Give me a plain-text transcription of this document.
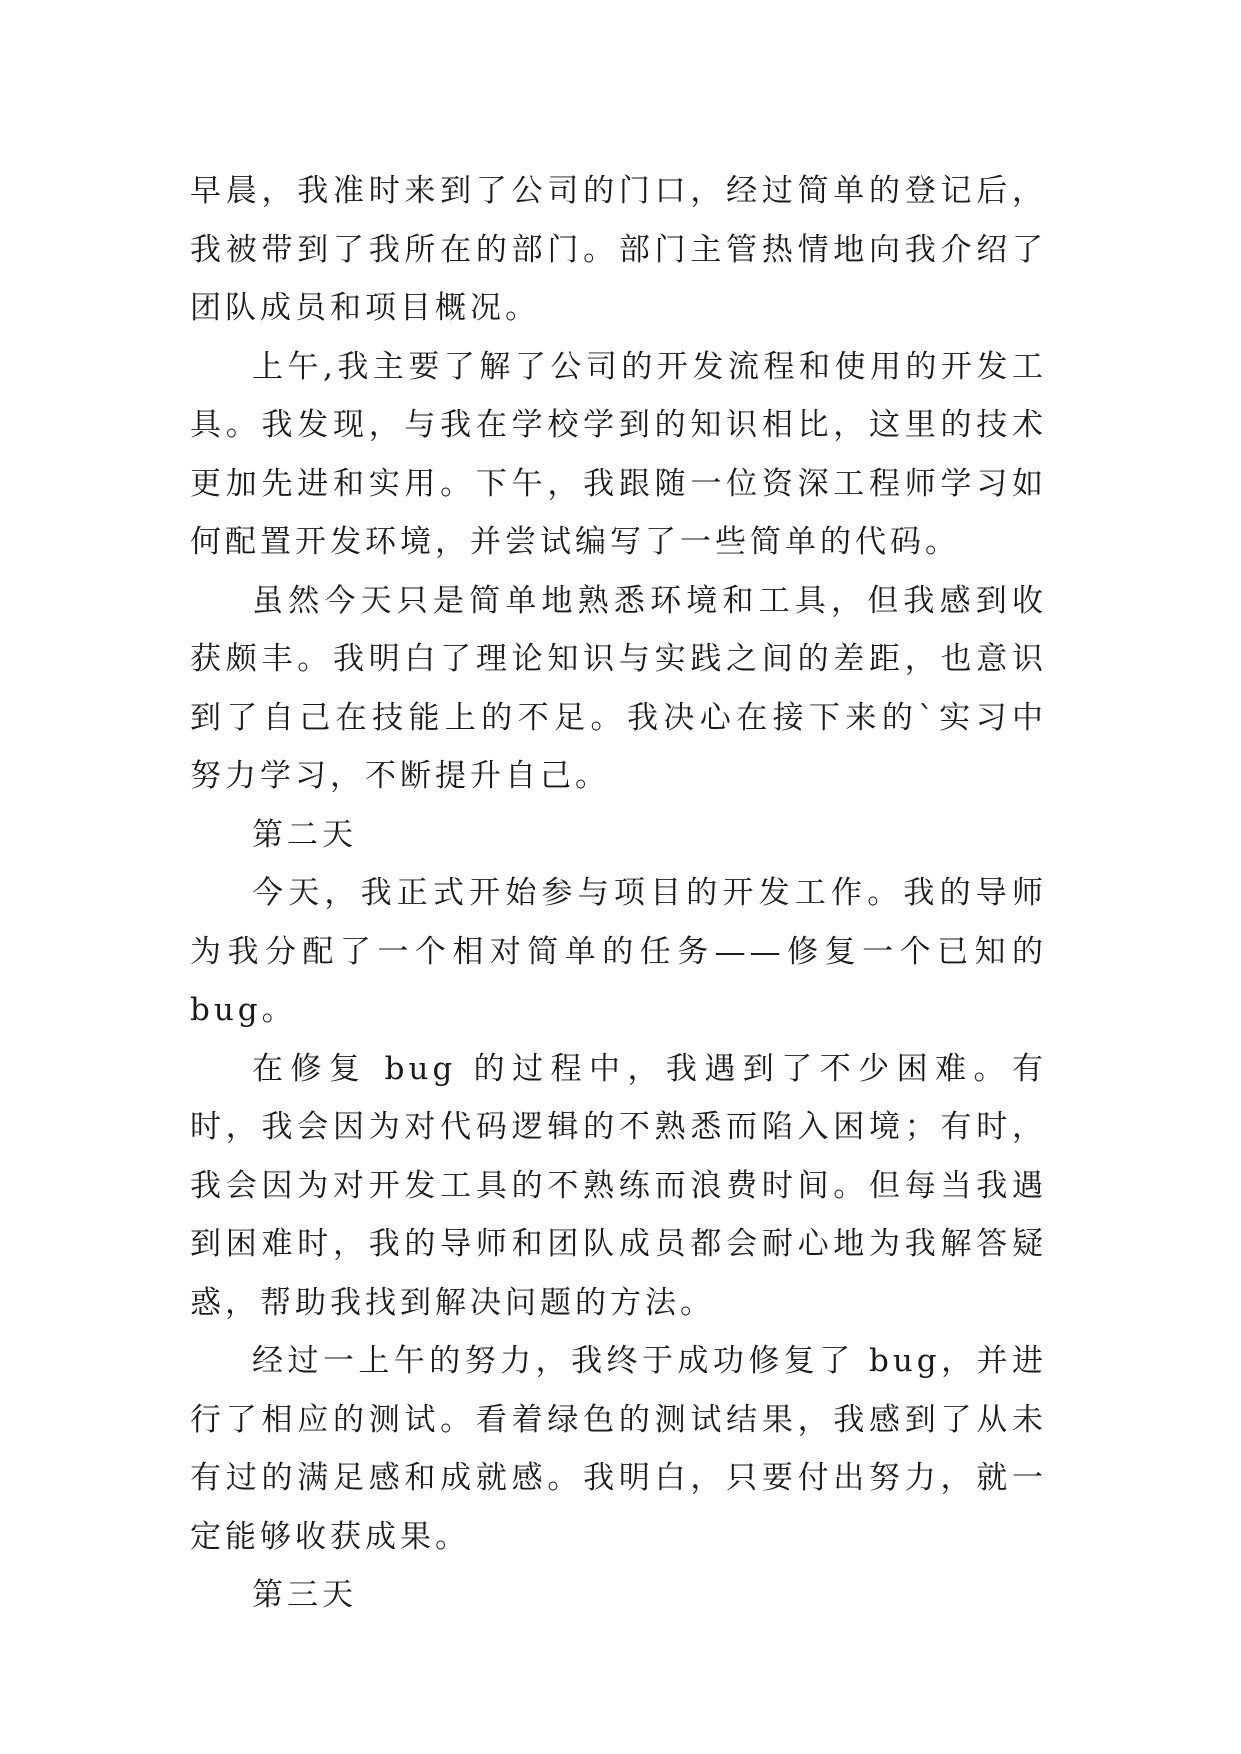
早晨，我准时来到了公司的门口，经过简单的登记后，我被带到了我所在的部门。部门主管热情地向我介绍了团队成员和项目概况。

上午,我主要了解了公司的开发流程和使用的开发工具。我发现，与我在学校学到的知识相比，这里的技术更加先进和实用。下午，我跟随一位资深工程师学习如何配置开发环境，并尝试编写了一些简单的代码。

虽然今天只是简单地熟悉环境和工具，但我感到收获颇丰。我明白了理论知识与实践之间的差距，也意识到了自己在技能上的不足。我决心在接下来的`实习中努力学习，不断提升自己。

第二天

今天，我正式开始参与项目的开发工作。我的导师为我分配了一个相对简单的任务——修复一个已知的 bug。

在修复 bug 的过程中，我遇到了不少困难。有时，我会因为对代码逻辑的不熟悉而陷入困境；有时，我会因为对开发工具的不熟练而浪费时间。但每当我遇到困难时，我的导师和团队成员都会耐心地为我解答疑惑，帮助我找到解决问题的方法。

经过一上午的努力，我终于成功修复了 bug，并进行了相应的测试。看着绿色的测试结果，我感到了从未有过的满足感和成就感。我明白，只要付出努力，就一定能够收获成果。

第三天
